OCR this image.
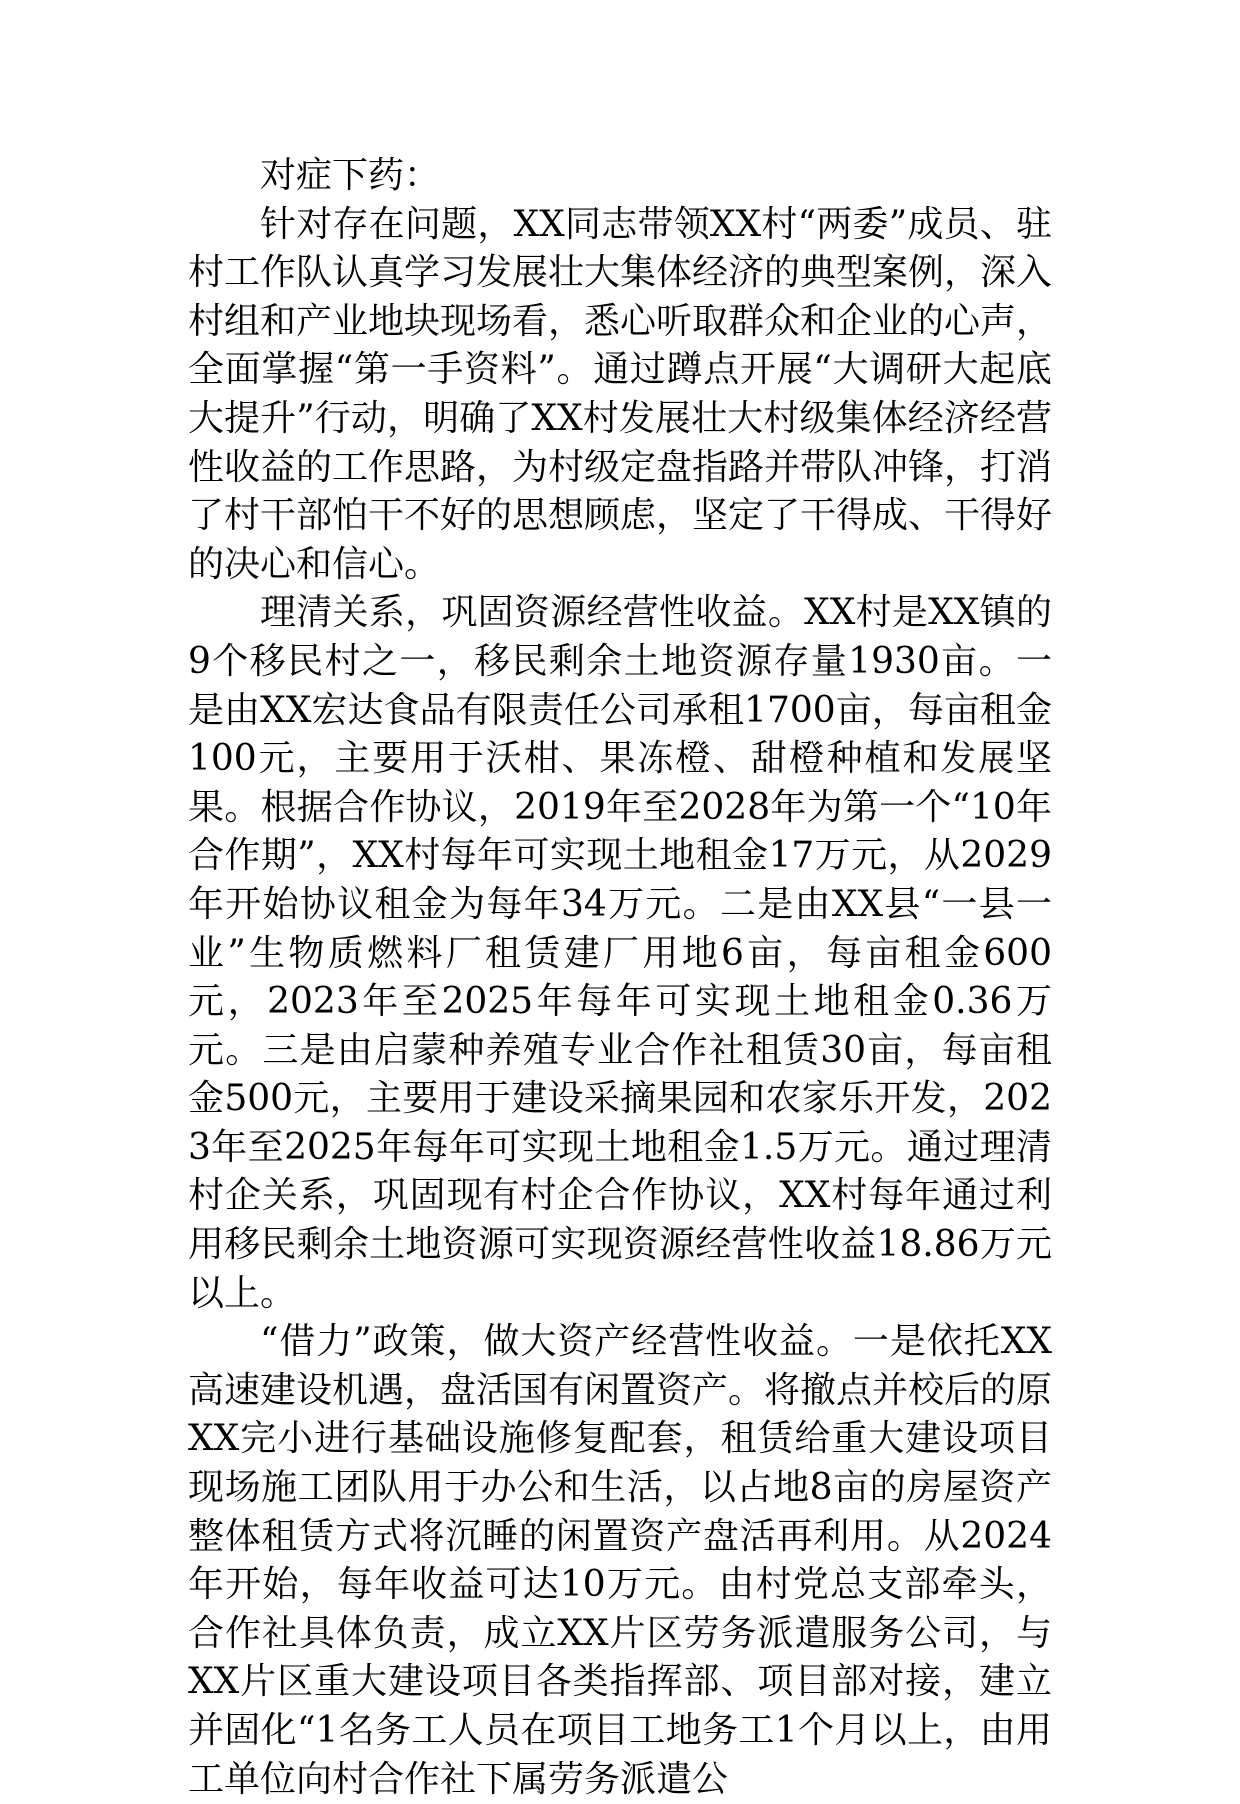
对症下药：

针对存在问题，XX同志带领XX村“两委”成员、驻村工作队认真学习发展壮大集体经济的典型案例，深入村组和产业地块现场看，悉心听取群众和企业的心声，全面掌握“第一手资料”。通过蹲点开展“大调研大起底大提升”行动，明确了XX村发展壮大村级集体经济经营性收益的工作思路，为村级定盘指路并带队冲锋，打消了村干部怕干不好的思想顾虑，坚定了干得成、干得好的决心和信心。

理清关系，巩固资源经营性收益。XX村是XX镇的9个移民村之一，移民剩余土地资源存量1930亩。一是由XX宏达食品有限责任公司承租1700亩，每亩租金100元，主要用于沃柑、果冻橙、甜橙种植和发展坚果。根据合作协议，2019年至2028年为第一个“10年合作期”，XX村每年可实现土地租金17万元，从2029年开始协议租金为每年34万元。二是由XX县“一县一业”生物质燃料厂租赁建厂用地6亩，每亩租金600元，2023年至2025年每年可实现土地租金0.36万元。三是由启蒙种养殖专业合作社租赁30亩，每亩租金500元，主要用于建设采摘果园和农家乐开发，2023年至2025年每年可实现土地租金1.5万元。通过理清村企关系，巩固现有村企合作协议，XX村每年通过利用移民剩余土地资源可实现资源经营性收益18.86万元以上。

“借力”政策，做大资产经营性收益。一是依托XX高速建设机遇，盘活国有闲置资产。将撤点并校后的原XX完小进行基础设施修复配套，租赁给重大建设项目现场施工团队用于办公和生活，以占地8亩的房屋资产整体租赁方式将沉睡的闲置资产盘活再利用。从2024年开始，每年收益可达10万元。由村党总支部牵头，合作社具体负责，成立XX片区劳务派遣服务公司，与XX片区重大建设项目各类指挥部、项目部对接，建立并固化“1名务工人员在项目工地务工1个月以上，由用工单位向村合作社下属劳务派遣公
